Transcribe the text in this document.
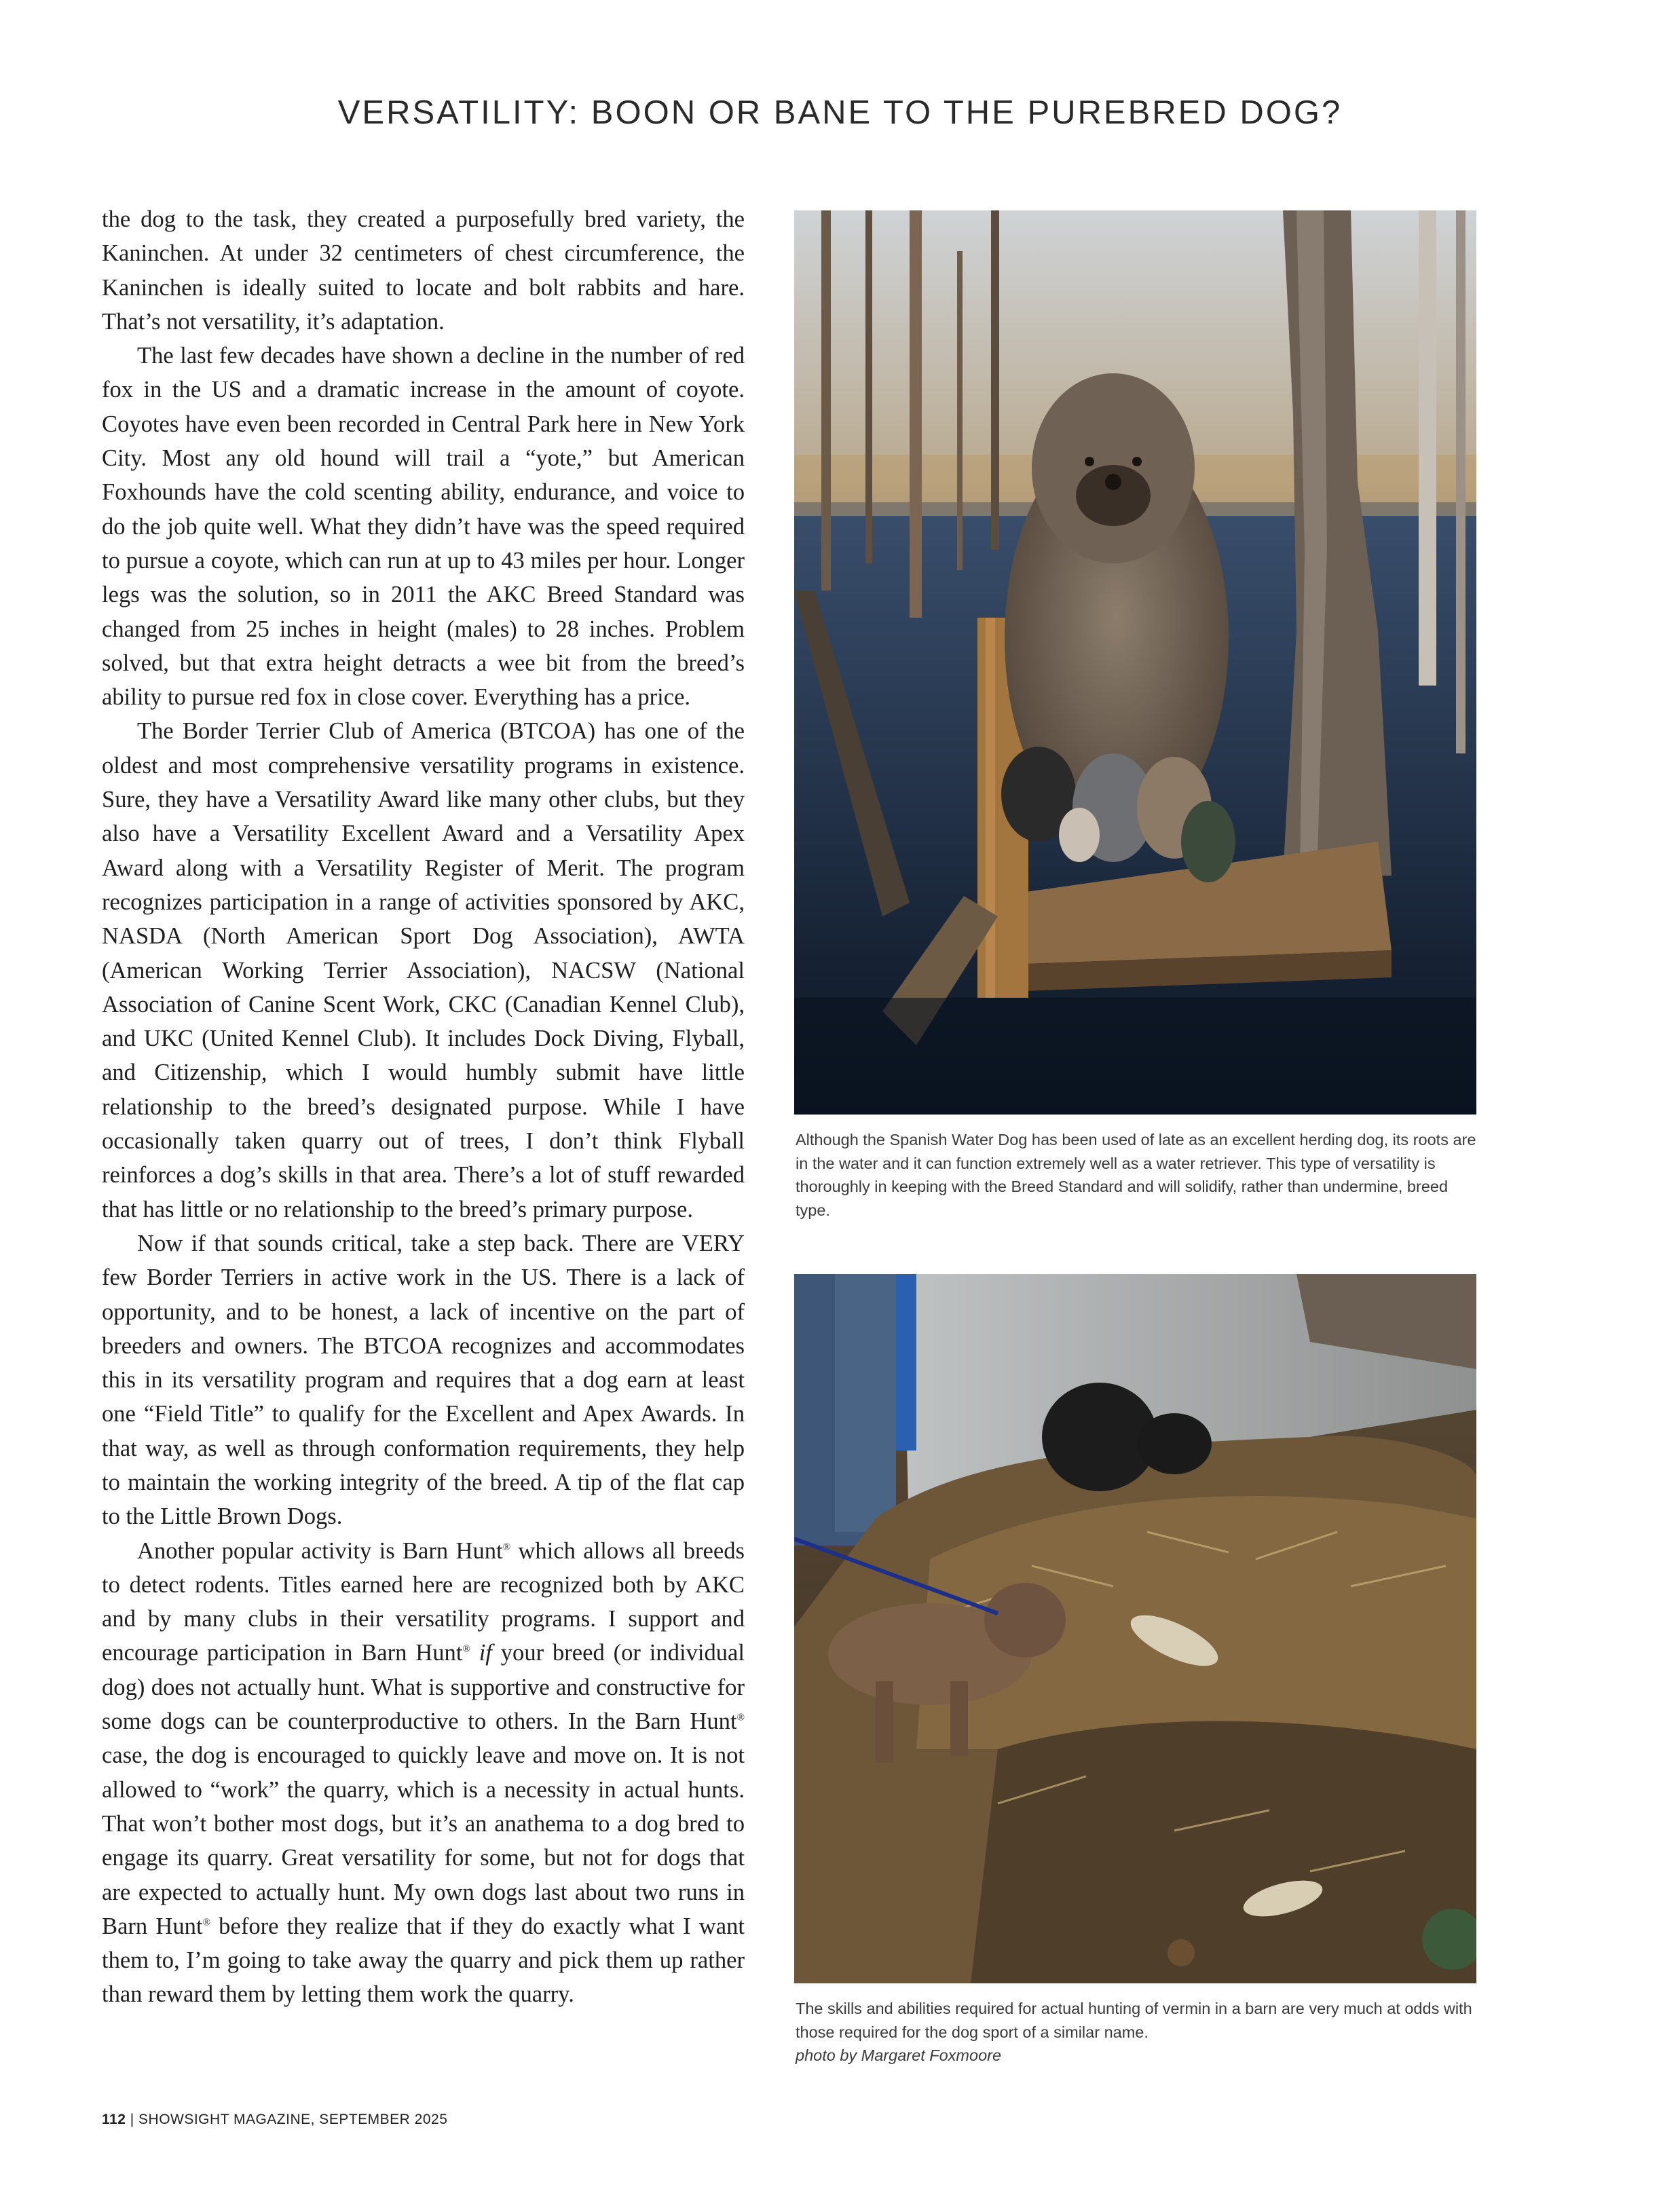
VERSATILITY: BOON OR BANE TO THE PUREBRED DOG?

the dog to the task, they created a purposefully bred variety, the Kaninchen. At under 32 centimeters of chest circumference, the Kaninchen is ideally suited to locate and bolt rabbits and hare. That’s not versatility, it’s adaptation.

The last few decades have shown a decline in the number of red fox in the US and a dramatic increase in the amount of coyote. Coyotes have even been recorded in Central Park here in New York City. Most any old hound will trail a “yote,” but American Foxhounds have the cold scenting ability, endurance, and voice to do the job quite well. What they didn’t have was the speed required to pursue a coyote, which can run at up to 43 miles per hour. Longer legs was the solution, so in 2011 the AKC Breed Standard was changed from 25 inches in height (males) to 28 inches. Problem solved, but that extra height detracts a wee bit from the breed’s ability to pursue red fox in close cover. Everything has a price.

The Border Terrier Club of America (BTCOA) has one of the oldest and most comprehensive versatility programs in existence. Sure, they have a Versatility Award like many other clubs, but they also have a Versatility Excellent Award and a Versatility Apex Award along with a Versatility Register of Merit. The program recognizes participation in a range of activities sponsored by AKC, NASDA (North American Sport Dog Association), AWTA (American Working Terrier Association), NACSW (National Association of Canine Scent Work, CKC (Canadian Kennel Club), and UKC (United Kennel Club). It includes Dock Diving, Flyball, and Citizenship, which I would humbly submit have little relationship to the breed’s designated purpose. While I have occasionally taken quarry out of trees, I don’t think Flyball reinforces a dog’s skills in that area. There’s a lot of stuff rewarded that has little or no relationship to the breed’s primary purpose.

Now if that sounds critical, take a step back. There are VERY few Border Terriers in active work in the US. There is a lack of opportunity, and to be honest, a lack of incentive on the part of breeders and owners. The BTCOA recognizes and accommodates this in its versatility program and requires that a dog earn at least one “Field Title” to qualify for the Excellent and Apex Awards. In that way, as well as through conformation requirements, they help to maintain the working integrity of the breed. A tip of the flat cap to the Little Brown Dogs.

Another popular activity is Barn Hunt® which allows all breeds to detect rodents. Titles earned here are recognized both by AKC and by many clubs in their versatility programs. I support and encourage participation in Barn Hunt® if your breed (or individual dog) does not actually hunt. What is supportive and constructive for some dogs can be counterproductive to others. In the Barn Hunt® case, the dog is encouraged to quickly leave and move on. It is not allowed to “work” the quarry, which is a necessity in actual hunts. That won’t bother most dogs, but it’s an anathema to a dog bred to engage its quarry. Great versatility for some, but not for dogs that are expected to actually hunt. My own dogs last about two runs in Barn Hunt® before they realize that if they do exactly what I want them to, I’m going to take away the quarry and pick them up rather than reward them by letting them work the quarry.

Although the Spanish Water Dog has been used of late as an excellent herding dog, its roots are in the water and it can function extremely well as a water retriever. This type of versatility is thoroughly in keeping with the Breed Standard and will solidify, rather than undermine, breed type.
The skills and abilities required for actual hunting of vermin in a barn are very much at odds with those required for the dog sport of a similar name.
photo by Margaret Foxmoore
112 | SHOWSIGHT MAGAZINE, SEPTEMBER 2025
